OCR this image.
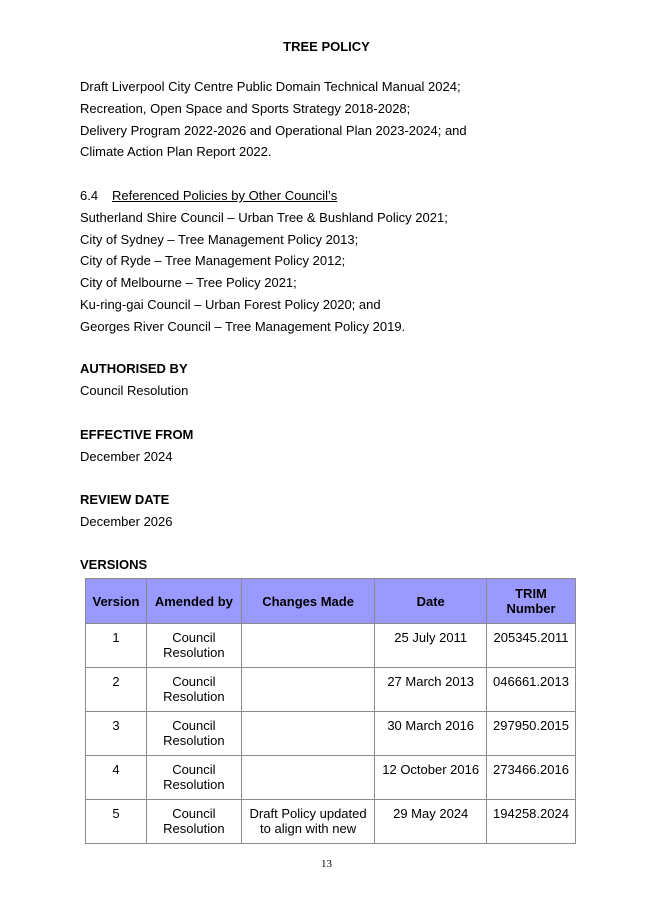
TREE POLICY
Draft Liverpool City Centre Public Domain Technical Manual 2024;
Recreation, Open Space and Sports Strategy 2018-2028;
Delivery Program 2022-2026 and Operational Plan 2023-2024; and
Climate Action Plan Report 2022.
6.4 Referenced Policies by Other Council’s
Sutherland Shire Council – Urban Tree & Bushland Policy 2021;
City of Sydney – Tree Management Policy 2013;
City of Ryde – Tree Management Policy 2012;
City of Melbourne – Tree Policy 2021;
Ku-ring-gai Council – Urban Forest Policy 2020; and
Georges River Council – Tree Management Policy 2019.
AUTHORISED BY
Council Resolution
EFFECTIVE FROM
December 2024
REVIEW DATE
December 2026
VERSIONS
Version	Amended by	Changes Made	Date	TRIM Number
1	Council Resolution		25 July 2011	205345.2011
2	Council Resolution		27 March 2013	046661.2013
3	Council Resolution		30 March 2016	297950.2015
4	Council Resolution		12 October 2016	273466.2016
5	Council Resolution	Draft Policy updated to align with new	29 May 2024	194258.2024
13
